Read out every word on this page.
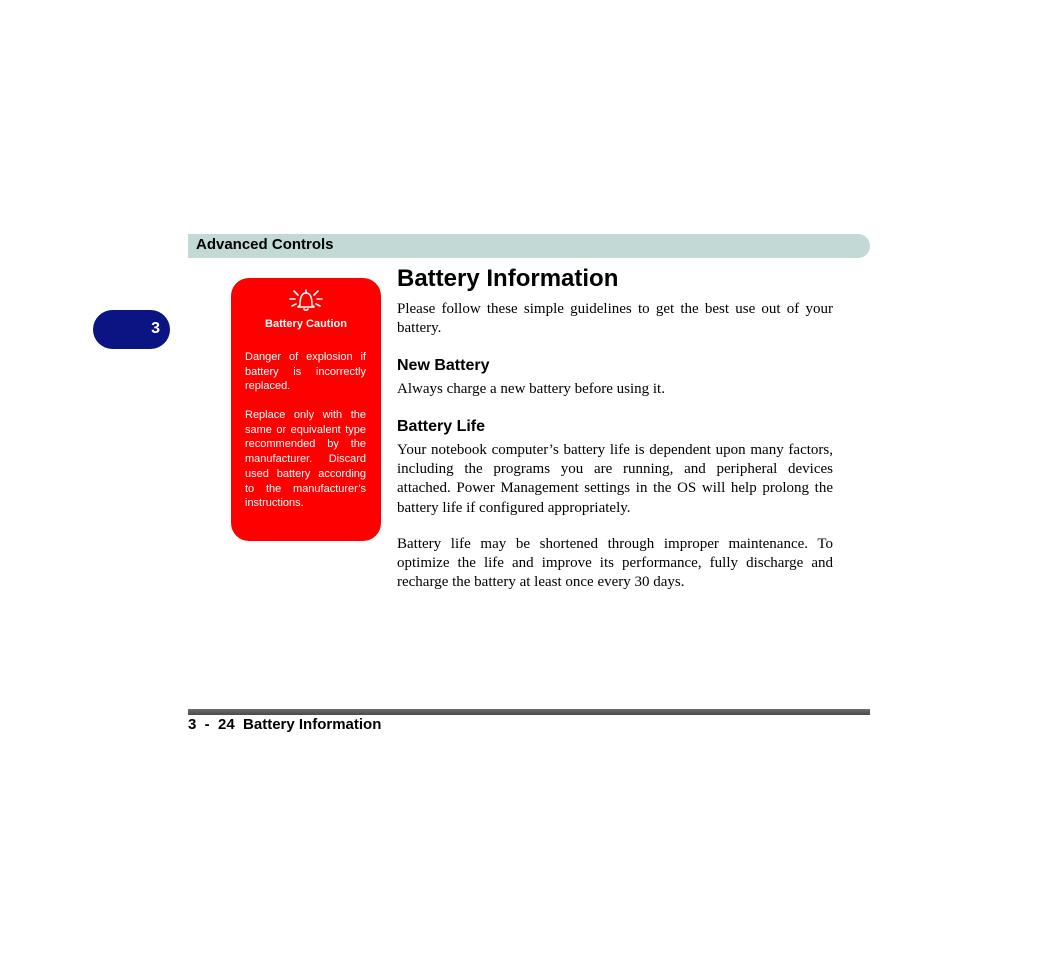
Advanced Controls
3	Battery Caution

Danger of explosion if battery is incorrectly replaced.

Replace only with the same or equivalent type recommended by the manufacturer. Discard used battery according to the manufacturer’s instructions.

Battery Information

Please follow these simple guidelines to get the best use out of your battery.

New Battery

Always charge a new battery before using it.

Battery Life

Your notebook computer’s battery life is dependent upon many factors, including the programs you are running, and peripheral devices attached. Power Management settings in the OS will help prolong the battery life if configured appropriately.

Battery life may be shortened through improper maintenance. To optimize the life and improve its performance, fully discharge and recharge the battery at least once every 30 days.

3  -  24  Battery Information
